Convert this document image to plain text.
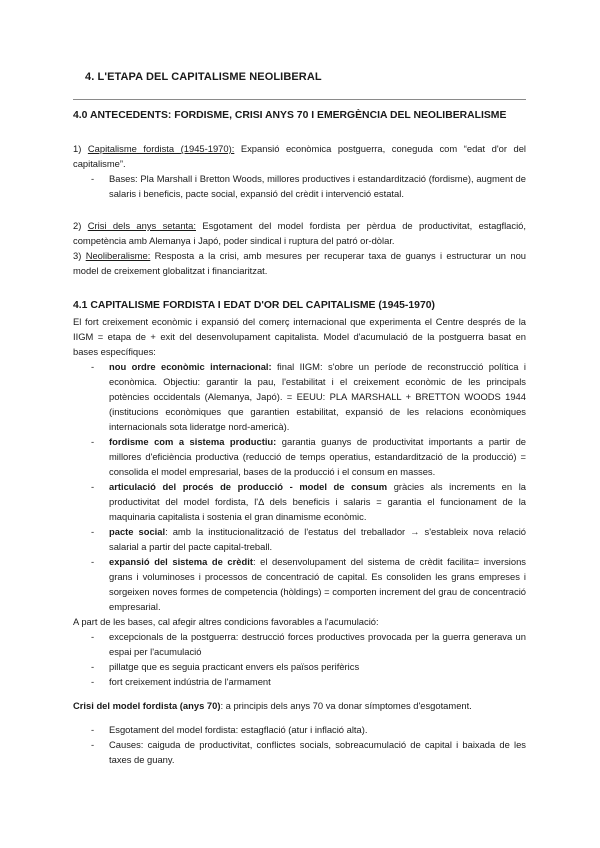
4. L'ETAPA DEL CAPITALISME NEOLIBERAL
4.0 ANTECEDENTS: FORDISME, CRISI ANYS 70 I EMERGÈNCIA DEL NEOLIBERALISME

1) Capitalisme fordista (1945-1970): Expansió econòmica postguerra, coneguda com “edat d'or del capitalisme”.

- Bases: Pla Marshall i Bretton Woods, millores productives i estandardització (fordisme), augment de salaris i beneficis, pacte social, expansió del crèdit i intervenció estatal.

2) Crisi dels anys setanta: Esgotament del model fordista per pèrdua de productivitat, estagflació, competència amb Alemanya i Japó, poder sindical i ruptura del patró or-dòlar.

3) Neoliberalisme: Resposta a la crisi, amb mesures per recuperar taxa de guanys i estructurar un nou model de creixement globalitzat i financiaritzat.

4.1 CAPITALISME FORDISTA I EDAT D'OR DEL CAPITALISME (1945-1970)

El fort creixement econòmic i expansió del comerç internacional que experimenta el Centre després de la IIGM = etapa de + exit del desenvolupament capitalista. Model d'acumulació de la postguerra basat en bases específiques:

- nou ordre econòmic internacional: final IIGM: s'obre un període de reconstrucció política i econòmica. Objectiu: garantir la pau, l'estabilitat i el creixement econòmic de les principals potències occidentals (Alemanya, Japó). = EEUU: PLA MARSHALL + BRETTON WOODS 1944 (institucions econòmiques que garantien estabilitat, expansió de les relacions econòmiques internacionals sota lideratge nord-americà).
- fordisme com a sistema productiu: garantia guanys de productivitat importants a partir de millores d'eficiència productiva (reducció de temps operatius, estandardització de la producció) = consolida el model empresarial, bases de la producció i el consum en masses.
- articulació del procés de producció - model de consum gràcies als increments en la productivitat del model fordista, l'Δ dels beneficis i salaris = garantia el funcionament de la maquinaria capitalista i sostenia el gran dinamisme econòmic.
- pacte social: amb la institucionalització de l'estatus del treballador → s'estableix nova relació salarial a partir del pacte capital-treball.
- expansió del sistema de crèdit: el desenvolupament del sistema de crèdit facilita= inversions grans i voluminoses i processos de concentració de capital. Es consoliden les grans empreses i sorgeixen noves formes de competencia (hòldings) = comporten increment del grau de concentració empresarial.

A part de les bases, cal afegir altres condicions favorables a l'acumulació:

- excepcionals de la postguerra: destrucció forces productives provocada per la guerra generava un espai per l'acumulació
- pillatge que es seguia practicant envers els països perifèrics
- fort creixement indústria de l'armament

Crisi del model fordista (anys 70): a principis dels anys 70 va donar símptomes d'esgotament.

- Esgotament del model fordista: estagflació (atur i inflació alta).
- Causes: caiguda de productivitat, conflictes socials, sobreacumulació de capital i baixada de les taxes de guany.
